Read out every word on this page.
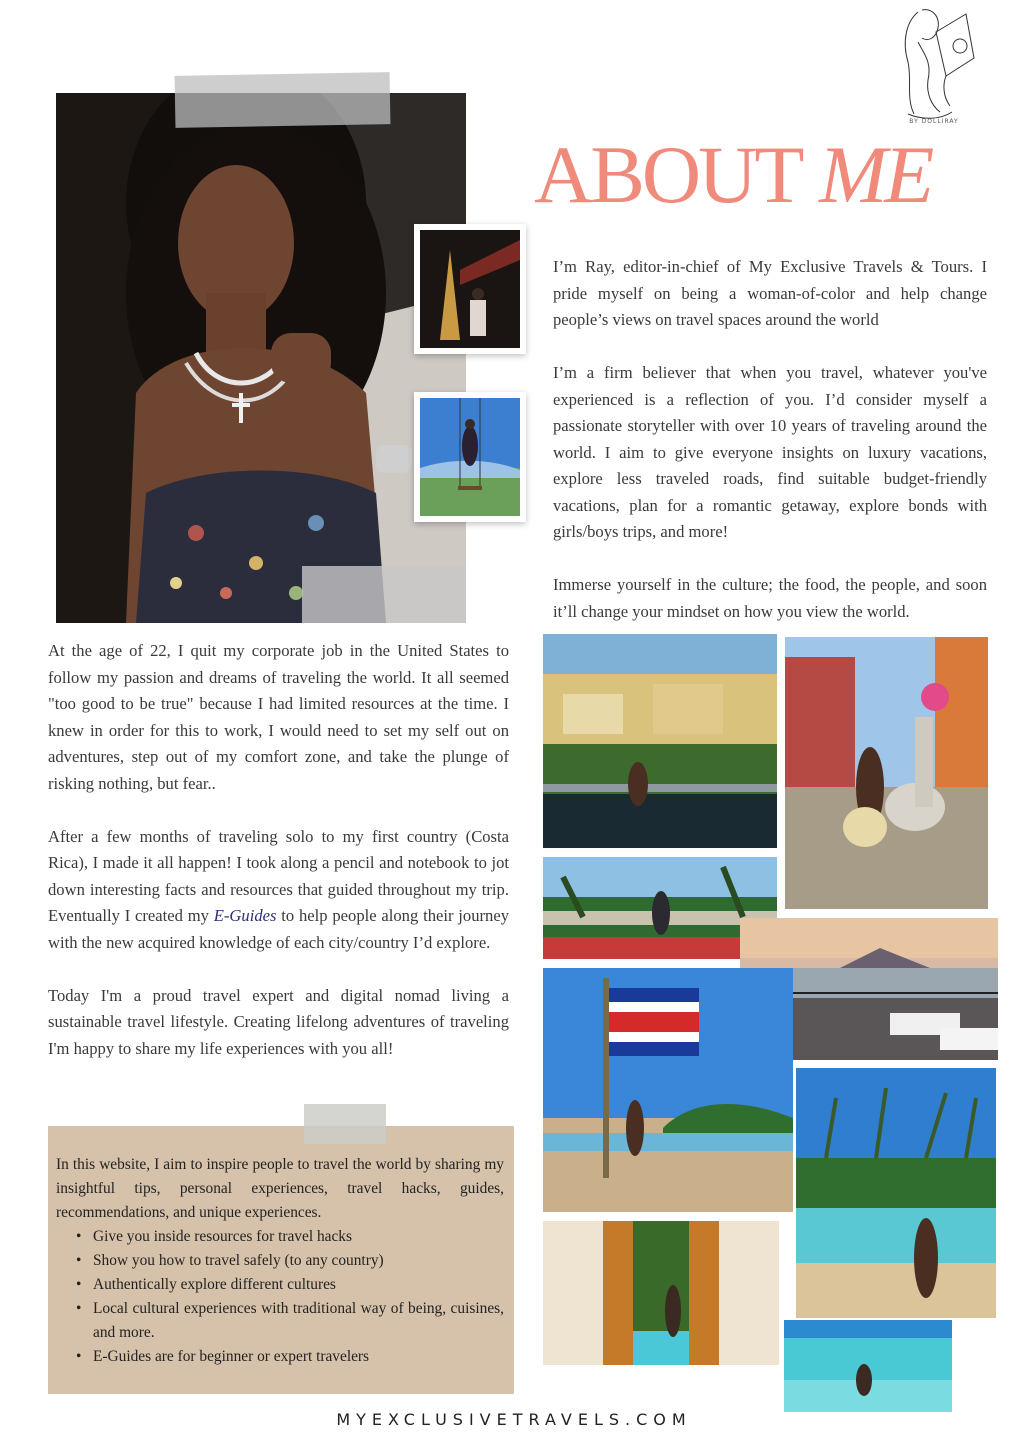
BY DOLLIRAY
ABOUT ME

I’m Ray, editor-in-chief of My Exclusive Travels & Tours. I pride myself on being a woman-of-color and help change people’s views on travel spaces around the world

I’m a firm believer that when you travel, whatever you've experienced is a reflection of you. I’d consider myself a passionate storyteller with over 10 years of traveling around the world. I aim to give everyone insights on luxury vacations, explore less traveled roads, find suitable budget-friendly vacations, plan for a romantic getaway, explore bonds with girls/boys trips, and more!

Immerse yourself in the culture; the food, the people, and soon it’ll change your mindset on how you view the world.

At the age of 22, I quit my corporate job in the United States to follow my passion and dreams of traveling the world. It all seemed "too good to be true" because I had limited resources at the time. I knew in order for this to work, I would need to set my self out on adventures, step out of my comfort zone, and take the plunge of risking nothing, but fear..

After a few months of traveling solo to my first country (Costa Rica), I made it all happen! I took along a pencil and notebook to jot down interesting facts and resources that guided throughout my trip. Eventually I created my E-Guides to help people along their journey with the new acquired knowledge of each city/country I’d explore.

Today I'm a proud travel expert and digital nomad living a sustainable travel lifestyle. Creating lifelong adventures of traveling I'm happy to share my life experiences with you all!

In this website, I aim to inspire people to travel the world by sharing my insightful tips, personal experiences, travel hacks, guides, recommendations, and unique experiences.

• Give you inside resources for travel hacks
• Show you how to travel safely (to any country)
• Authentically explore different cultures
• Local cultural experiences with traditional way of being, cuisines, and more.
• E-Guides are for beginner or expert travelers
MYEXCLUSIVETRAVELS.COM
